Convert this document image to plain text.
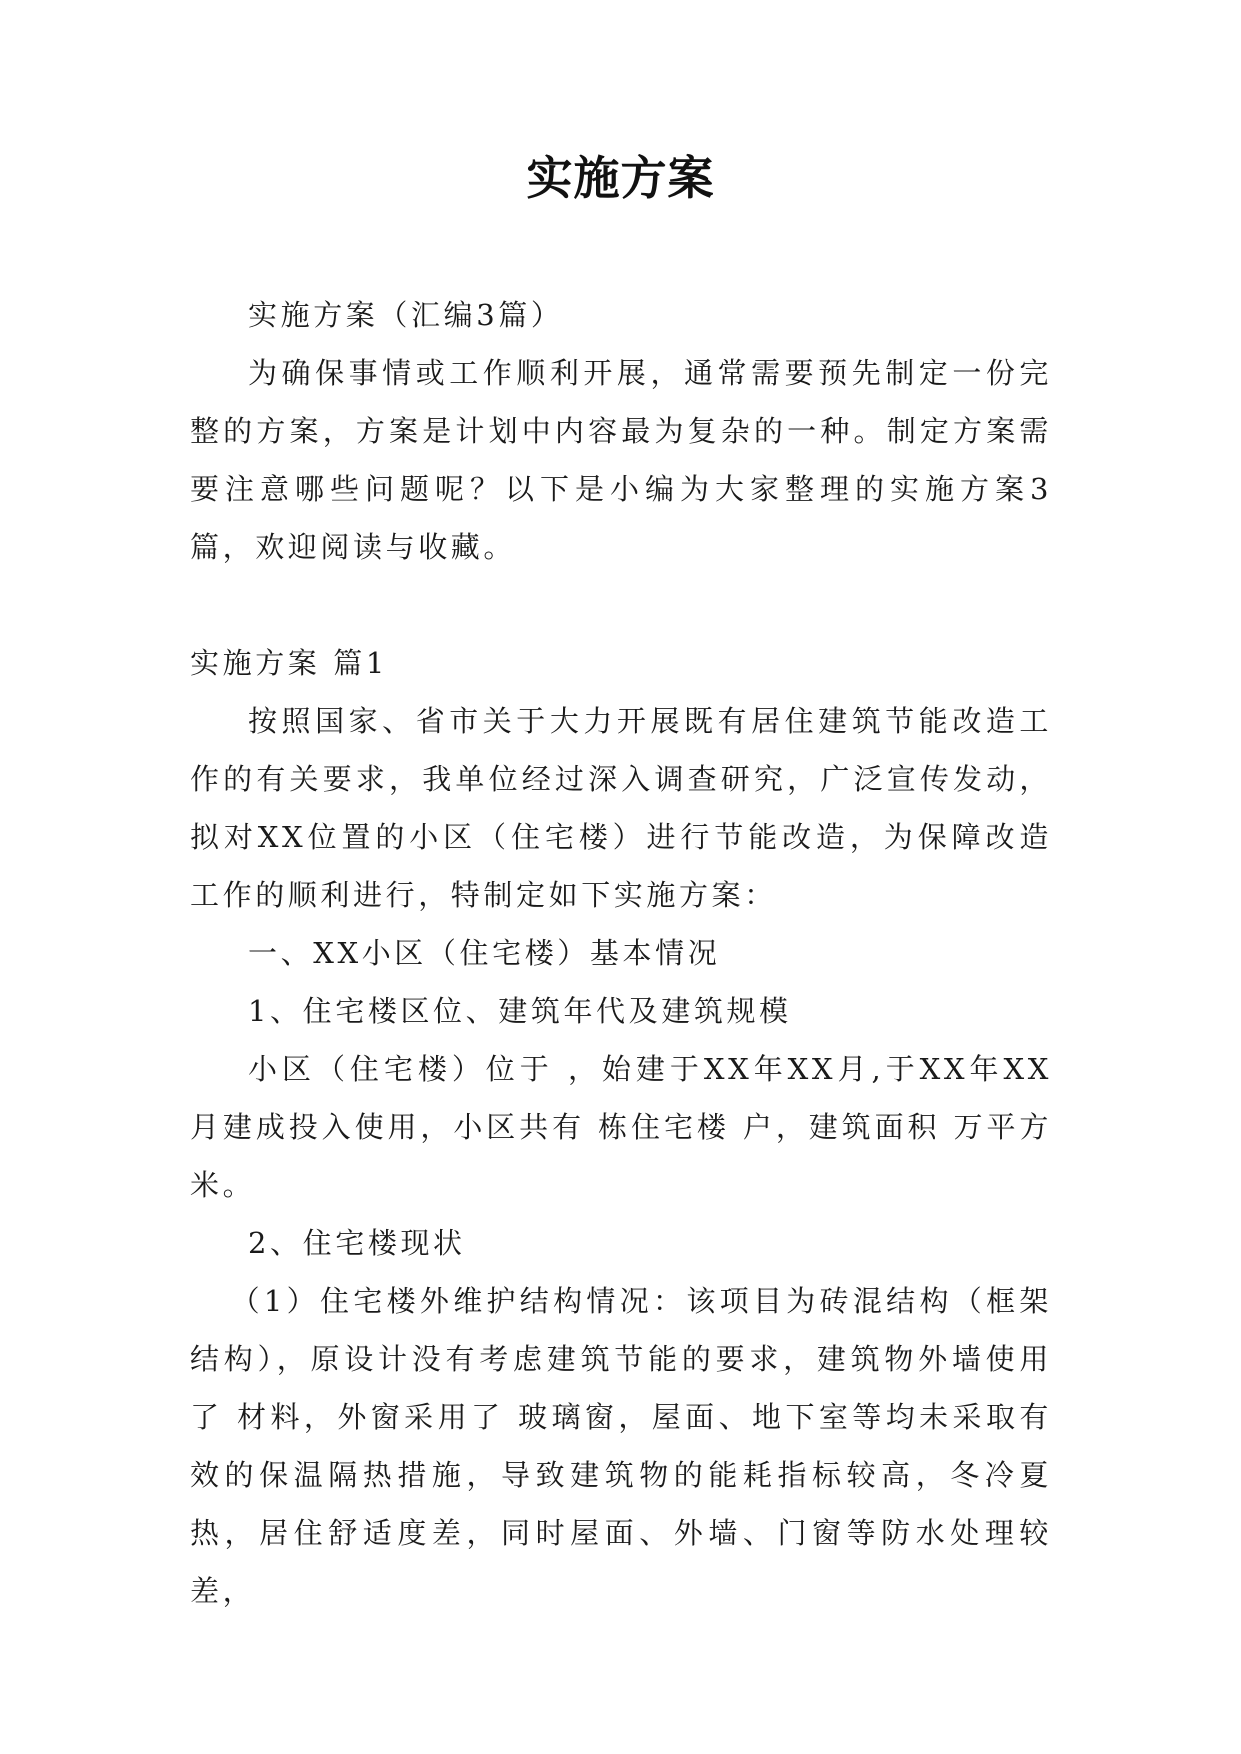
实施方案

实施方案（汇编3篇）

为确保事情或工作顺利开展，通常需要预先制定一份完整的方案，方案是计划中内容最为复杂的一种。制定方案需要注意哪些问题呢？以下是小编为大家整理的实施方案3篇，欢迎阅读与收藏。

实施方案 篇1

按照国家、省市关于大力开展既有居住建筑节能改造工作的有关要求，我单位经过深入调查研究，广泛宣传发动，拟对XX位置的小区（住宅楼）进行节能改造，为保障改造工作的顺利进行，特制定如下实施方案：

一、XX小区（住宅楼）基本情况

1、住宅楼区位、建筑年代及建筑规模

小区（住宅楼）位于 ，始建于XX年XX月,于XX年XX月建成投入使用，小区共有 栋住宅楼 户，建筑面积 万平方米。

2、住宅楼现状

（1）住宅楼外维护结构情况：该项目为砖混结构（框架结构），原设计没有考虑建筑节能的要求，建筑物外墙使用了 材料，外窗采用了 玻璃窗，屋面、地下室等均未采取有效的保温隔热措施，导致建筑物的能耗指标较高，冬冷夏热，居住舒适度差，同时屋面、外墙、门窗等防水处理较差，
